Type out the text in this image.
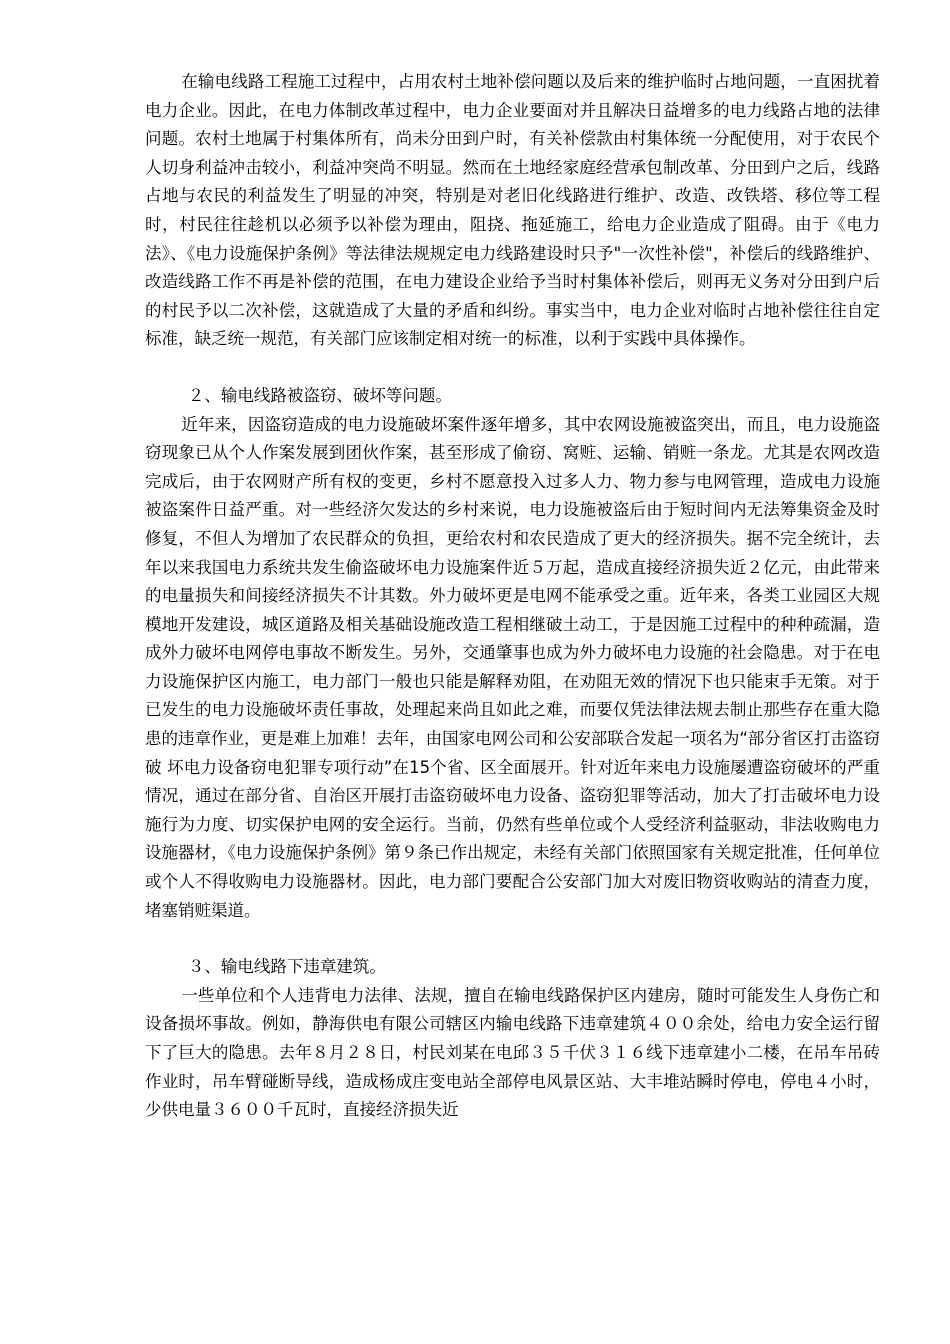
在输电线路工程施工过程中，占用农村土地补偿问题以及后来的维护临时占地问题，一直困扰着电力企业。因此，在电力体制改革过程中，电力企业要面对并且解决日益增多的电力线路占地的法律问题。农村土地属于村集体所有，尚未分田到户时，有关补偿款由村集体统一分配使用，对于农民个人切身利益冲击较小，利益冲突尚不明显。然而在土地经家庭经营承包制改革、分田到户之后，线路占地与农民的利益发生了明显的冲突，特别是对老旧化线路进行维护、改造、改铁塔、移位等工程时，村民往往趁机以必须予以补偿为理由，阻挠、拖延施工，给电力企业造成了阻碍。由于《电力法》、《电力设施保护条例》等法律法规规定电力线路建设时只予"一次性补偿"，补偿后的线路维护、改造线路工作不再是补偿的范围，在电力建设企业给予当时村集体补偿后，则再无义务对分田到户后的村民予以二次补偿，这就造成了大量的矛盾和纠纷。事实当中，电力企业对临时占地补偿往往自定标准，缺乏统一规范，有关部门应该制定相对统一的标准，以利于实践中具体操作。

２、输电线路被盗窃、破坏等问题。

近年来，因盗窃造成的电力设施破坏案件逐年增多，其中农网设施被盗突出，而且，电力设施盗窃现象已从个人作案发展到团伙作案，甚至形成了偷窃、窝赃、运输、销赃一条龙。尤其是农网改造完成后，由于农网财产所有权的变更，乡村不愿意投入过多人力、物力参与电网管理，造成电力设施被盗案件日益严重。对一些经济欠发达的乡村来说，电力设施被盗后由于短时间内无法筹集资金及时修复，不但人为增加了农民群众的负担，更给农村和农民造成了更大的经济损失。据不完全统计，去年以来我国电力系统共发生偷盗破坏电力设施案件近５万起，造成直接经济损失近２亿元，由此带来的电量损失和间接经济损失不计其数。外力破坏更是电网不能承受之重。近年来，各类工业园区大规模地开发建设，城区道路及相关基础设施改造工程相继破土动工，于是因施工过程中的种种疏漏，造成外力破坏电网停电事故不断发生。另外，交通肇事也成为外力破坏电力设施的社会隐患。对于在电力设施保护区内施工，电力部门一般也只能是解释劝阻，在劝阻无效的情况下也只能束手无策。对于已发生的电力设施破坏责任事故，处理起来尚且如此之难，而要仅凭法律法规去制止那些存在重大隐患的违章作业，更是难上加难！去年，由国家电网公司和公安部联合发起一项名为“部分省区打击盗窃破 坏电力设备窃电犯罪专项行动”在15个省、区全面展开。针对近年来电力设施屡遭盗窃破坏的严重情况，通过在部分省、自治区开展打击盗窃破坏电力设备、盗窃犯罪等活动，加大了打击破坏电力设施行为力度、切实保护电网的安全运行。当前，仍然有些单位或个人受经济利益驱动，非法收购电力设施器材，《电力设施保护条例》第９条已作出规定，未经有关部门依照国家有关规定批准，任何单位或个人不得收购电力设施器材。因此，电力部门要配合公安部门加大对废旧物资收购站的清查力度，堵塞销赃渠道。

３、输电线路下违章建筑。

一些单位和个人违背电力法律、法规，擅自在输电线路保护区内建房，随时可能发生人身伤亡和设备损坏事故。例如，静海供电有限公司辖区内输电线路下违章建筑４００余处，给电力安全运行留下了巨大的隐患。去年８月２８日，村民刘某在电邱３５千伏３１６线下违章建小二楼，在吊车吊砖作业时，吊车臂碰断导线，造成杨成庄变电站全部停电风景区站、大丰堆站瞬时停电，停电４小时，少供电量３６００千瓦时，直接经济损失近
